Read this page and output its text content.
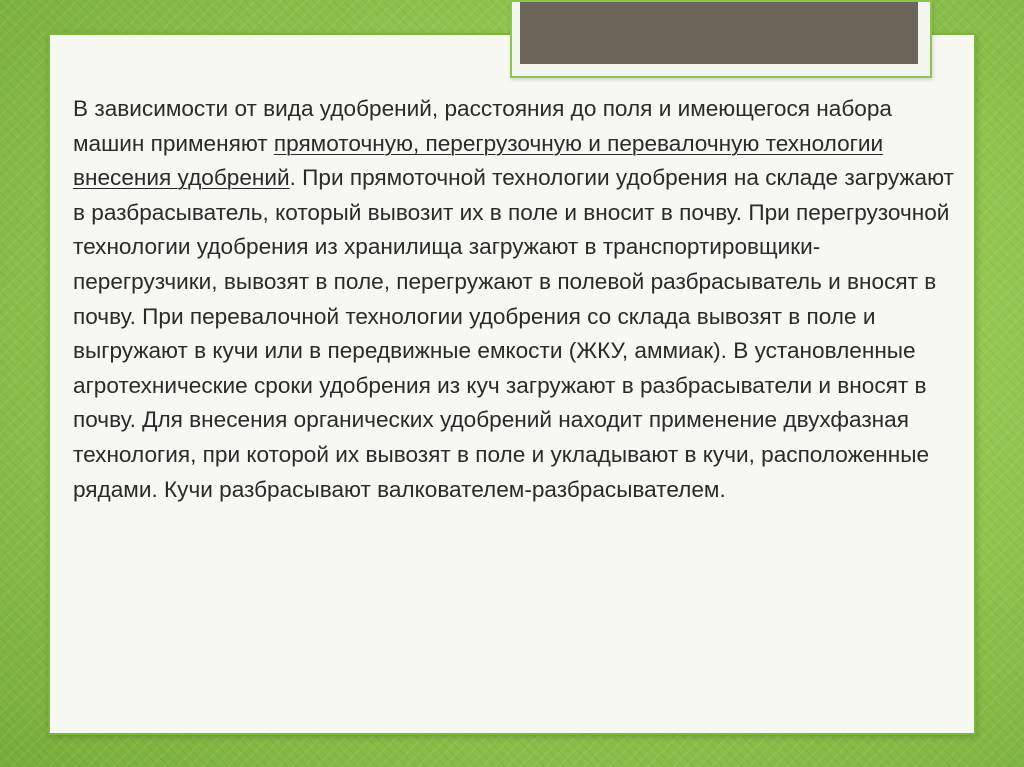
В зависимости от вида удобрений, расстояния до поля и имеющегося набора машин применяют прямоточную, перегрузочную и перевалочную технологии внесения удобрений. При прямоточной технологии удобрения на складе загружают в разбрасыватель, который вывозит их в поле и вносит в почву. При перегрузочной технологии удобрения из хранилища загружают в транспортировщики-перегрузчики, вывозят в поле, перегружают в полевой разбрасыватель и вносят в почву. При перевалочной технологии удобрения со склада вывозят в поле и выгружают в кучи или в передвижные емкости (ЖКУ, аммиак). В установленные агротехнические сроки удобрения из куч загружают в разбрасыватели и вносят в почву. Для внесения органических удобрений находит применение двухфазная технология, при которой их вывозят в поле и укладывают в кучи, расположенные рядами. Кучи разбрасывают валкователем-разбрасывателем.
